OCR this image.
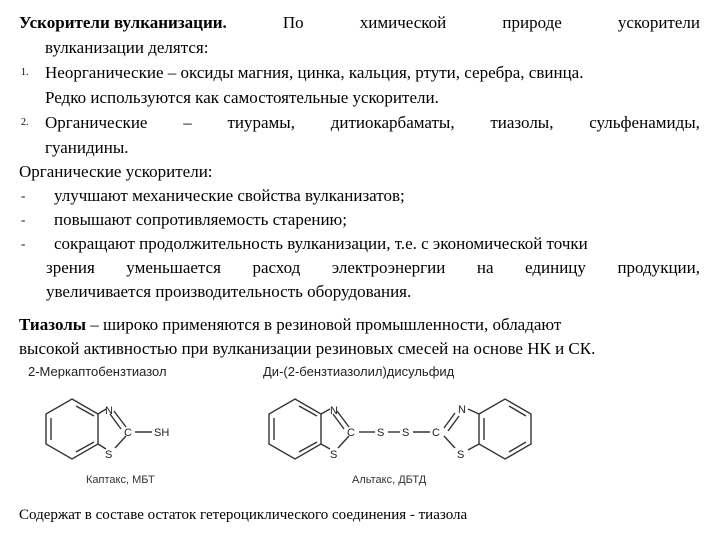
Ускорители вулканизации.	По	химической	природе	ускорители
вулканизации делятся:
1. Неорганические – оксиды магния, цинка, кальция, ртути, серебра, свинца.
Редко используются как самостоятельные ускорители.
2. Органические – тиурамы, дитиокарбаматы, тиазолы, сульфенамиды,
гуанидины.
Органические ускорители:
- улучшают механические свойства вулканизатов;
- повышают сопротивляемость старению;
- сокращают продолжительность вулканизации, т.е. с экономической точки
зрения уменьшается расход электроэнергии на единицу продукции,
увеличивается производительность оборудования.
Тиазолы – широко применяются в резиновой промышленности, обладают
высокой активностью при вулканизации резиновых смесей на основе НК и СК.
2-Меркаптобензтиазол	Ди-(2-бензтиазолил)дисульфид
N
C SH
S
Каптакс, МБТ
N
C
S
S S C
N
S
Альтакс, ДБТД
Содержат в составе остаток гетероциклического соединения - тиазола
